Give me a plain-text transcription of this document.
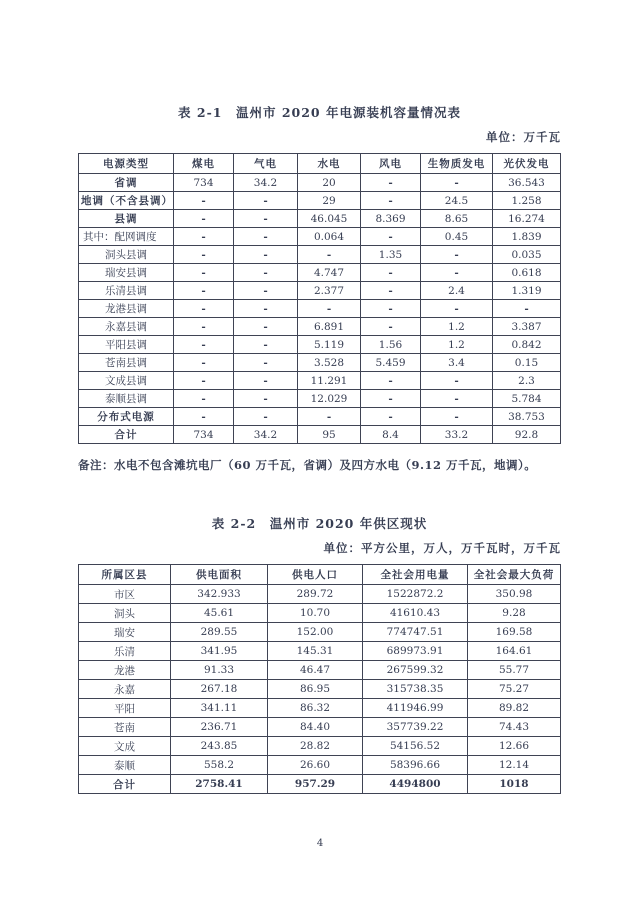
表 2-1　温州市 2020 年电源装机容量情况表
单位：万千瓦
电源类型	煤电	气电	水电	风电	生物质发电	光伏发电
省调	734	34.2	20	-	-	36.543
地调（不含县调）	-	-	29	-	24.5	1.258
县调	-	-	46.045	8.369	8.65	16.274
其中：配网调度	-	-	0.064	-	0.45	1.839
洞头县调	-	-	-	1.35	-	0.035
瑞安县调	-	-	4.747	-	-	0.618
乐清县调	-	-	2.377	-	2.4	1.319
龙港县调	-	-	-	-	-	-
永嘉县调	-	-	6.891	-	1.2	3.387
平阳县调	-	-	5.119	1.56	1.2	0.842
苍南县调	-	-	3.528	5.459	3.4	0.15
文成县调	-	-	11.291	-	-	2.3
泰顺县调	-	-	12.029	-	-	5.784
分布式电源	-	-	-	-	-	38.753
合计	734	34.2	95	8.4	33.2	92.8
备注：水电不包含滩坑电厂（60 万千瓦，省调）及四方水电（9.12 万千瓦，地调）。
表 2-2　温州市 2020 年供区现状
单位：平方公里，万人，万千瓦时，万千瓦
所属区县	供电面积	供电人口	全社会用电量	全社会最大负荷
市区	342.933	289.72	1522872.2	350.98
洞头	45.61	10.70	41610.43	9.28
瑞安	289.55	152.00	774747.51	169.58
乐清	341.95	145.31	689973.91	164.61
龙港	91.33	46.47	267599.32	55.77
永嘉	267.18	86.95	315738.35	75.27
平阳	341.11	86.32	411946.99	89.82
苍南	236.71	84.40	357739.22	74.43
文成	243.85	28.82	54156.52	12.66
泰顺	558.2	26.60	58396.66	12.14
合计	2758.41	957.29	4494800	1018
4
